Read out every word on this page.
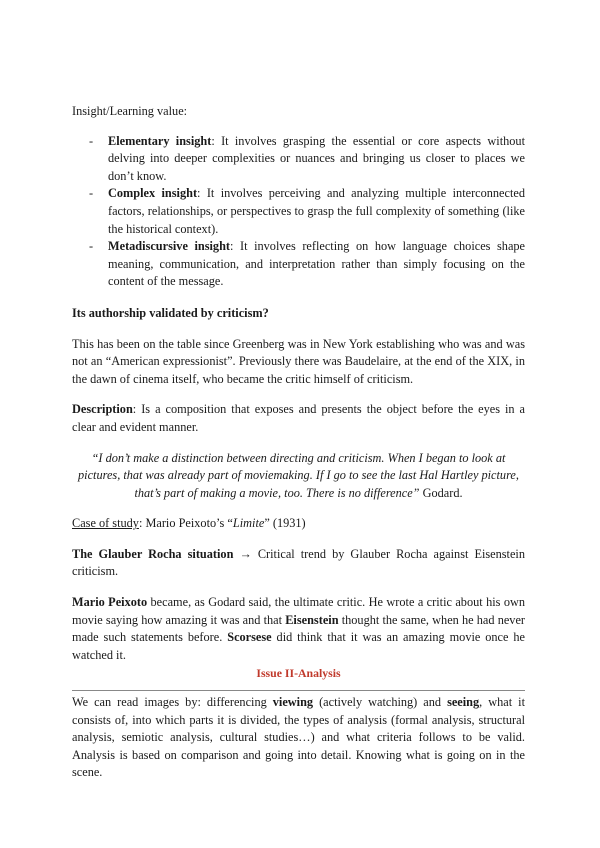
Insight/Learning value:

- Elementary insight: It involves grasping the essential or core aspects without delving into deeper complexities or nuances and bringing us closer to places we don’t know.
- Complex insight: It involves perceiving and analyzing multiple interconnected factors, relationships, or perspectives to grasp the full complexity of something (like the historical context).
- Metadiscursive insight: It involves reflecting on how language choices shape meaning, communication, and interpretation rather than simply focusing on the content of the message.

Its authorship validated by criticism?

This has been on the table since Greenberg was in New York establishing who was and was not an “American expressionist”. Previously there was Baudelaire, at the end of the XIX, in the dawn of cinema itself, who became the critic himself of criticism.

Description: Is a composition that exposes and presents the object before the eyes in a clear and evident manner.

“I don’t make a distinction between directing and criticism. When I began to look at pictures, that was already part of moviemaking. If I go to see the last Hal Hartley picture, that’s part of making a movie, too. There is no difference” Godard.

Case of study: Mario Peixoto’s “Limite” (1931)

The Glauber Rocha situation → Critical trend by Glauber Rocha against Eisenstein criticism.

Mario Peixoto became, as Godard said, the ultimate critic. He wrote a critic about his own movie saying how amazing it was and that Eisenstein thought the same, when he had never made such statements before. Scorsese did think that it was an amazing movie once he watched it.

Issue II-Analysis

We can read images by: differencing viewing (actively watching) and seeing, what it consists of, into which parts it is divided, the types of analysis (formal analysis, structural analysis, semiotic analysis, cultural studies…) and what criteria follows to be valid. Analysis is based on comparison and going into detail. Knowing what is going on in the scene.
